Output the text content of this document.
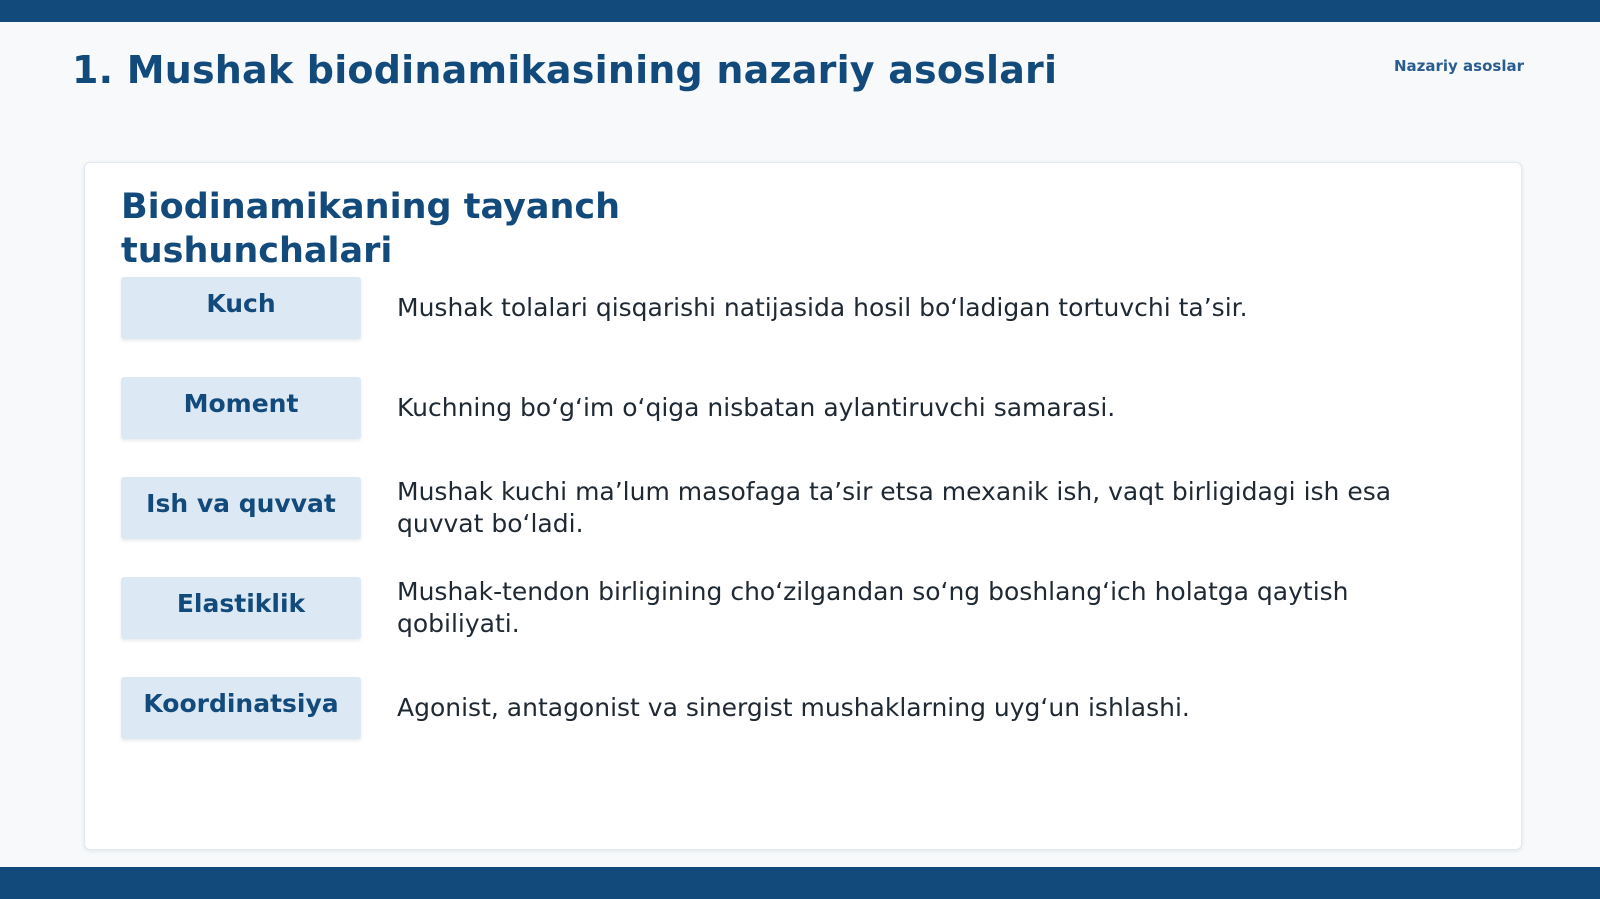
1. Mushak biodinamikasining nazariy asoslari	Nazariy asoslar
Biodinamikaning tayanch tushunchalari
Kuch	Mushak tolalari qisqarishi natijasida hosil bo‘ladigan tortuvchi ta’sir.
Moment	Kuchning bo‘g‘im o‘qiga nisbatan aylantiruvchi samarasi.
Ish va quvvat	Mushak kuchi ma’lum masofaga ta’sir etsa mexanik ish, vaqt birligidagi ish esa quvvat bo‘ladi.
Elastiklik	Mushak-tendon birligining cho‘zilgandan so‘ng boshlang‘ich holatga qaytish qobiliyati.
Koordinatsiya	Agonist, antagonist va sinergist mushaklarning uyg‘un ishlashi.
